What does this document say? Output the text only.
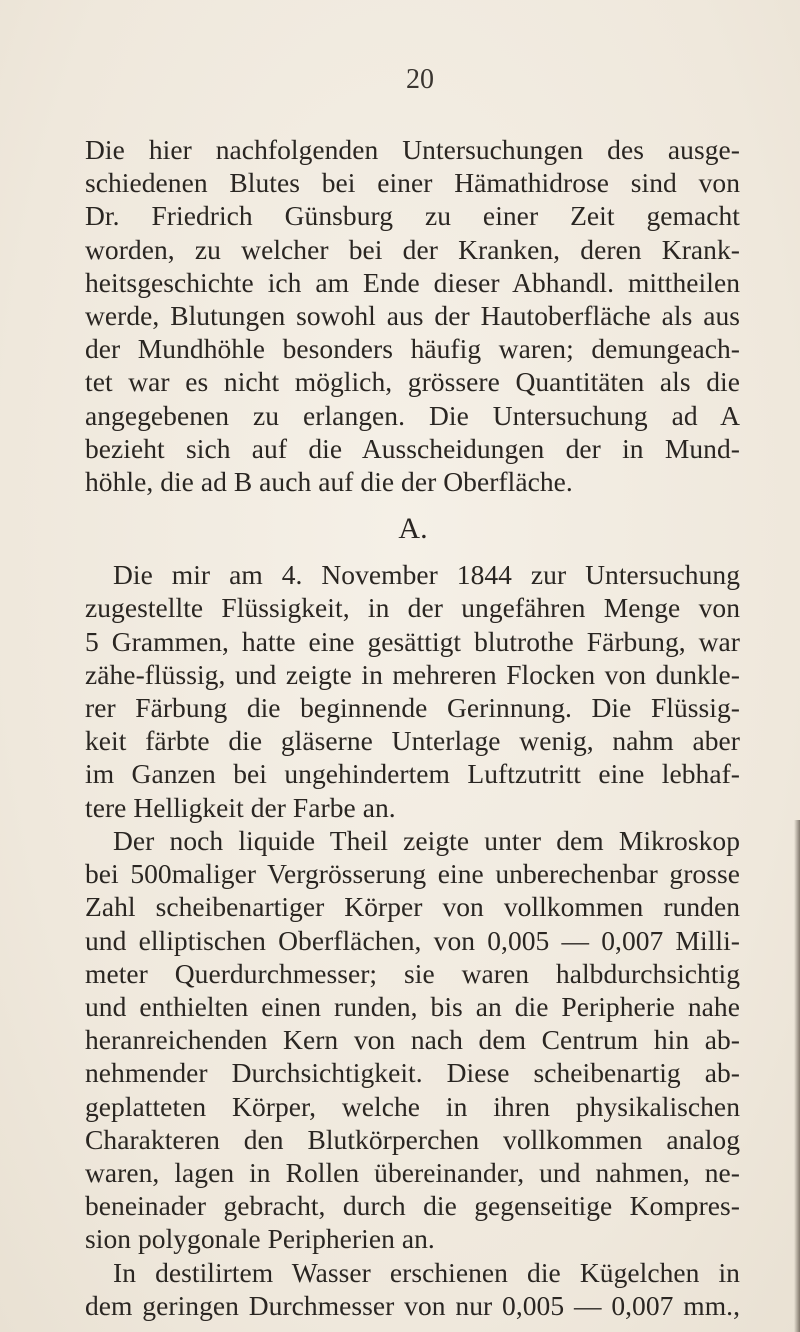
20
Die hier nachfolgenden Untersuchungen des ausge-
schiedenen Blutes bei einer Hämathidrose sind von
Dr. Friedrich Günsburg zu einer Zeit gemacht
worden, zu welcher bei der Kranken, deren Krank-
heitsgeschichte ich am Ende dieser Abhandl. mittheilen
werde, Blutungen sowohl aus der Hautoberfläche als aus
der Mundhöhle besonders häufig waren; demungeach-
tet war es nicht möglich, grössere Quantitäten als die
angegebenen zu erlangen. Die Untersuchung ad A
bezieht sich auf die Ausscheidungen der in Mund-
höhle, die ad B auch auf die der Oberfläche.
A.
Die mir am 4. November 1844 zur Untersuchung
zugestellte Flüssigkeit, in der ungefähren Menge von
5 Grammen, hatte eine gesättigt blutrothe Färbung, war
zähe-flüssig, und zeigte in mehreren Flocken von dunkle-
rer Färbung die beginnende Gerinnung. Die Flüssig-
keit färbte die gläserne Unterlage wenig, nahm aber
im Ganzen bei ungehindertem Luftzutritt eine lebhaf-
tere Helligkeit der Farbe an.
Der noch liquide Theil zeigte unter dem Mikroskop
bei 500maliger Vergrösserung eine unberechenbar grosse
Zahl scheibenartiger Körper von vollkommen runden
und elliptischen Oberflächen, von 0,005 — 0,007 Milli-
meter Querdurchmesser; sie waren halbdurchsichtig
und enthielten einen runden, bis an die Peripherie nahe
heranreichenden Kern von nach dem Centrum hin ab-
nehmender Durchsichtigkeit. Diese scheibenartig ab-
geplatteten Körper, welche in ihren physikalischen
Charakteren den Blutkörperchen vollkommen analog
waren, lagen in Rollen übereinander, und nahmen, ne-
beneinader gebracht, durch die gegenseitige Kompres-
sion polygonale Peripherien an.
In destilirtem Wasser erschienen die Kügelchen in
dem geringen Durchmesser von nur 0,005 — 0,007 mm.,
